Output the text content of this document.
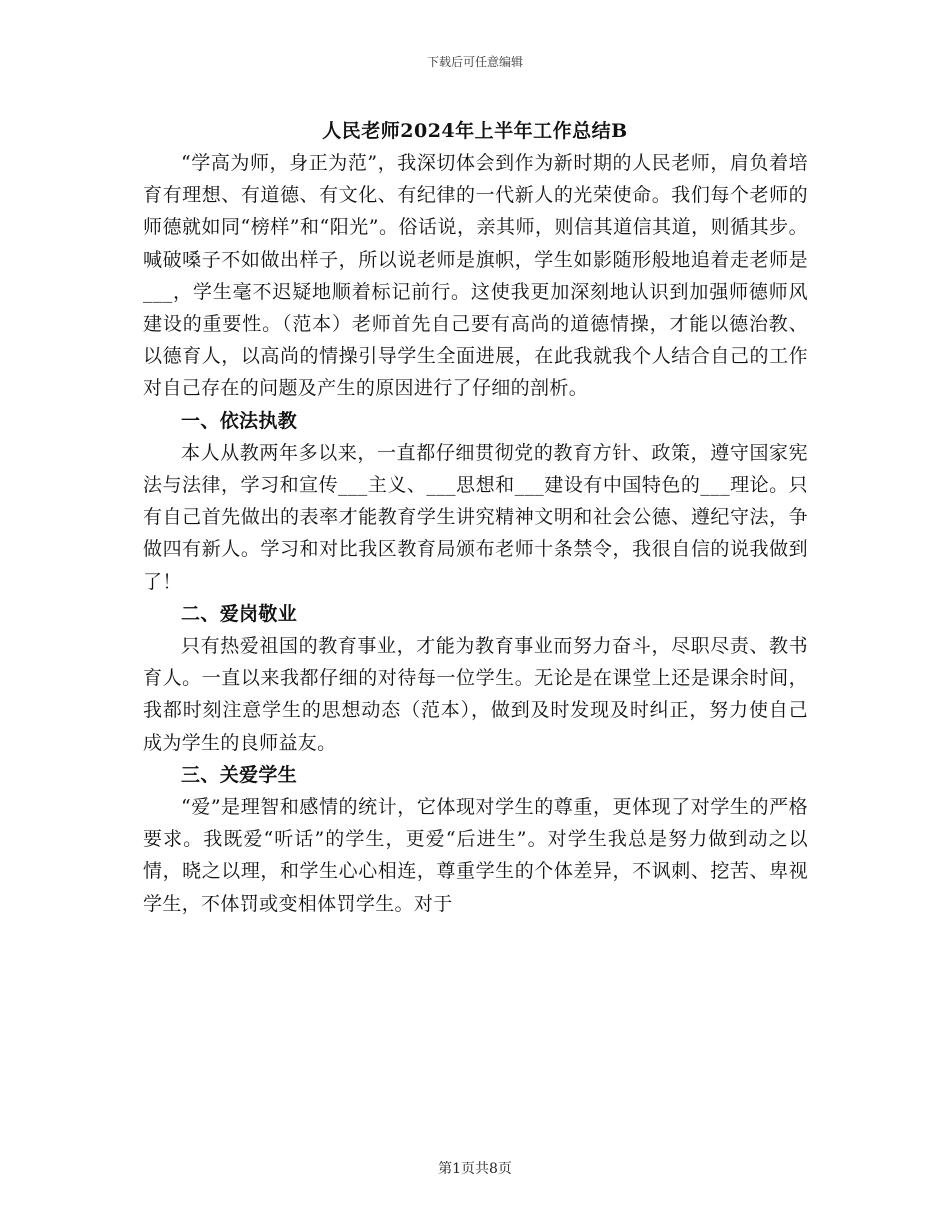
下载后可任意编辑
人民老师2024年上半年工作总结B

“学高为师，身正为范”，我深切体会到作为新时期的人民老师，肩负着培育有理想、有道德、有文化、有纪律的一代新人的光荣使命。我们每个老师的师德就如同“榜样”和“阳光”。俗话说，亲其师，则信其道信其道，则循其步。喊破嗓子不如做出样子，所以说老师是旗帜，学生如影随形般地追着走老师是___，学生毫不迟疑地顺着标记前行。这使我更加深刻地认识到加强师德师风建设的重要性。（范本）老师首先自己要有高尚的道德情操，才能以德治教、以德育人，以高尚的情操引导学生全面进展，在此我就我个人结合自己的工作对自己存在的问题及产生的原因进行了仔细的剖析。

一、依法执教

本人从教两年多以来，一直都仔细贯彻党的教育方针、政策，遵守国家宪法与法律，学习和宣传___主义、___思想和___建设有中国特色的___理论。只有自己首先做出的表率才能教育学生讲究精神文明和社会公德、遵纪守法，争做四有新人。学习和对比我区教育局颁布老师十条禁令，我很自信的说我做到了！

二、爱岗敬业

只有热爱祖国的教育事业，才能为教育事业而努力奋斗，尽职尽责、教书育人。一直以来我都仔细的对待每一位学生。无论是在课堂上还是课余时间，我都时刻注意学生的思想动态（范本），做到及时发现及时纠正，努力使自己成为学生的良师益友。

三、关爱学生

“爱”是理智和感情的统计，它体现对学生的尊重，更体现了对学生的严格要求。我既爱“听话”的学生，更爱“后进生”。对学生我总是努力做到动之以情，晓之以理，和学生心心相连，尊重学生的个体差异，不讽刺、挖苦、卑视学生，不体罚或变相体罚学生。对于

第1页共8页
